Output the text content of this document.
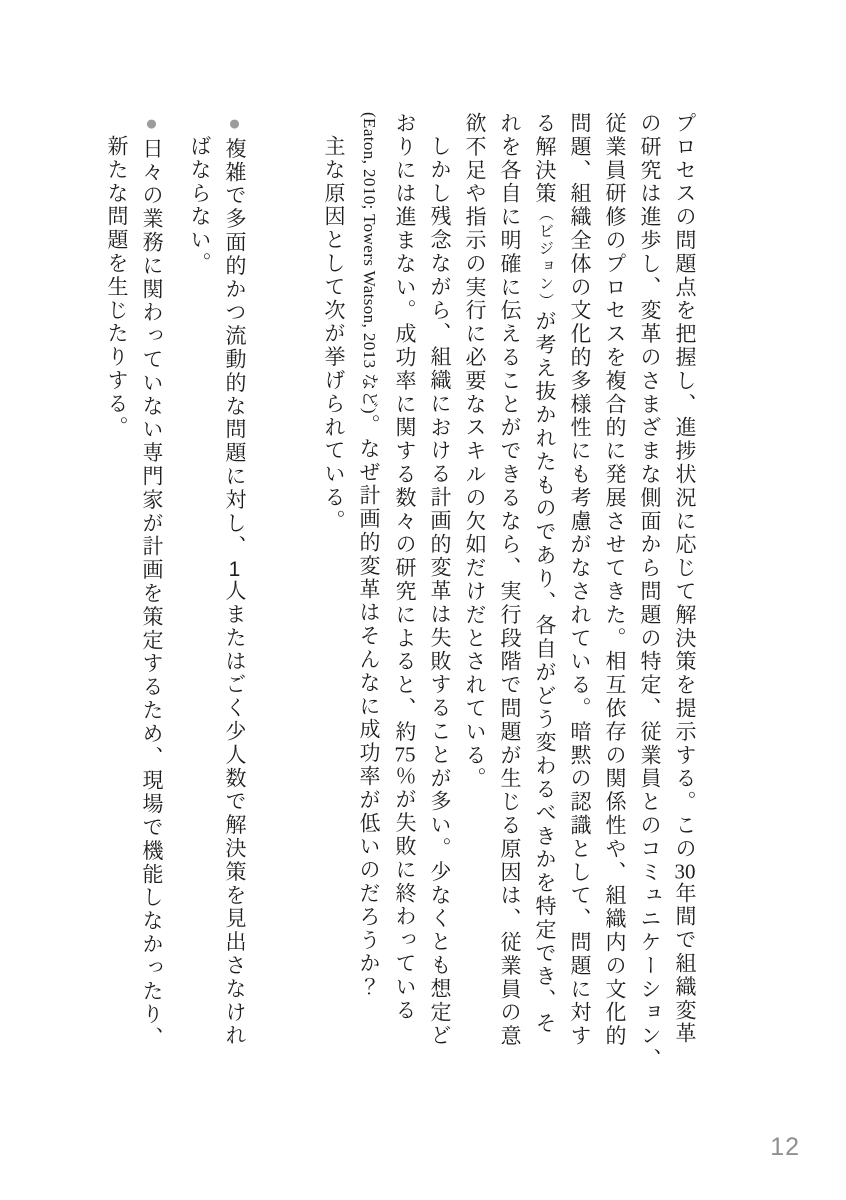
プロセスの問題点を把握し、進捗状況に応じて解決策を提示する。この30年間で組織変革
の研究は進歩し、変革のさまざまな側面から問題の特定、従業員とのコミュニケーション、
従業員研修のプロセスを複合的に発展させてきた。相互依存の関係性や、組織内の文化的
問題、組織全体の文化的多様性にも考慮がなされている。暗黙の認識として、問題に対す
る解決策（ビジョン）が考え抜かれたものであり、各自がどう変わるべきかを特定でき、そ
れを各自に明確に伝えることができるなら、実行段階で問題が生じる原因は、従業員の意
欲不足や指示の実行に必要なスキルの欠如だけだとされている。
しかし残念ながら、組織における計画的変革は失敗することが多い。少なくとも想定ど
おりには進まない。成功率に関する数々の研究によると、約75％が失敗に終わっている
(Eaton, 2010; Towers Watson, 2013 など)。なぜ計画的変革はそんなに成功率が低いのだろうか？
主な原因として次が挙げられている。
●複雑で多面的かつ流動的な問題に対し、1人またはごく少人数で解決策を見出さなけれ
ばならない。
●日々の業務に関わっていない専門家が計画を策定するため、現場で機能しなかったり、
新たな問題を生じたりする。
12
